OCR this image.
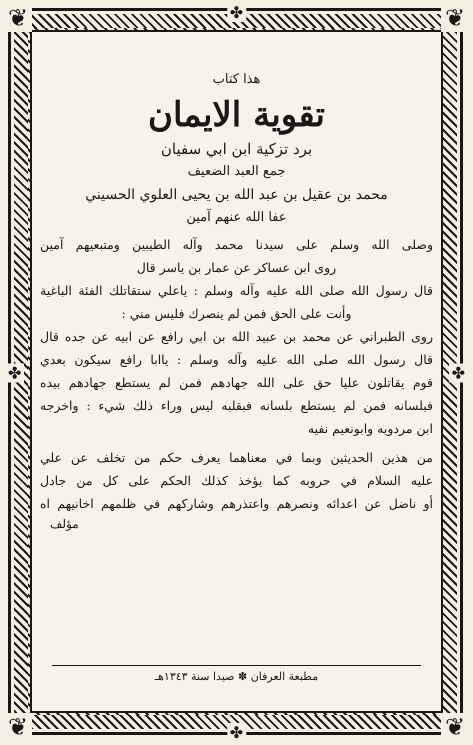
❦	❦
❦	❦
✤
✤
✤	✤
هذا كتاب
تقوية الايمان
برد تزكية ابن ابي سفيان
جمع العبد الضعيف
محمد بن عقيل بن عبد الله بن يحيى العلوي الحسيني
عفا الله عنهم آمين
وصلى الله وسلم على سيدنا محمد وآله الطيبين ومتبعيهم آمين
روى ابن عساكر عن عمار بن ياسر قال
قال رسول الله صلى الله عليه وآله وسلم : ياعلي ستقاتلك الفئة الباغية
وأنت على الحق فمن لم ينصرك فليس مني :
روى الطبراني عن محمد بن عبيد الله بن ابي رافع عن ابيه عن جده قال
قال رسول الله صلى الله عليه وآله وسلم : ياابا رافع سيكون بعدي
قوم يقاتلون عليا حق على الله جهادهم فمن لم يستطع جهادهم بيده
فبلسانه فمن لم يستطع بلسانه فبقلبه ليس وراء ذلك شيء : واخرجه
ابن مردويه وابونعيم نفيه
من هذين الحديثين وبما في معناهما يعرف حكم من تخلف عن علي
عليه السلام في حروبه كما يؤخذ كذلك الحكم على كل من جادل
أو ناضل عن اعدائه ونصرهم واعتذرهم وشاركهم في ظلمهم اخانيهم اه
مؤلف
مطبعة العرفان ✽ صيدا سنة ١٣٤٣هـ
